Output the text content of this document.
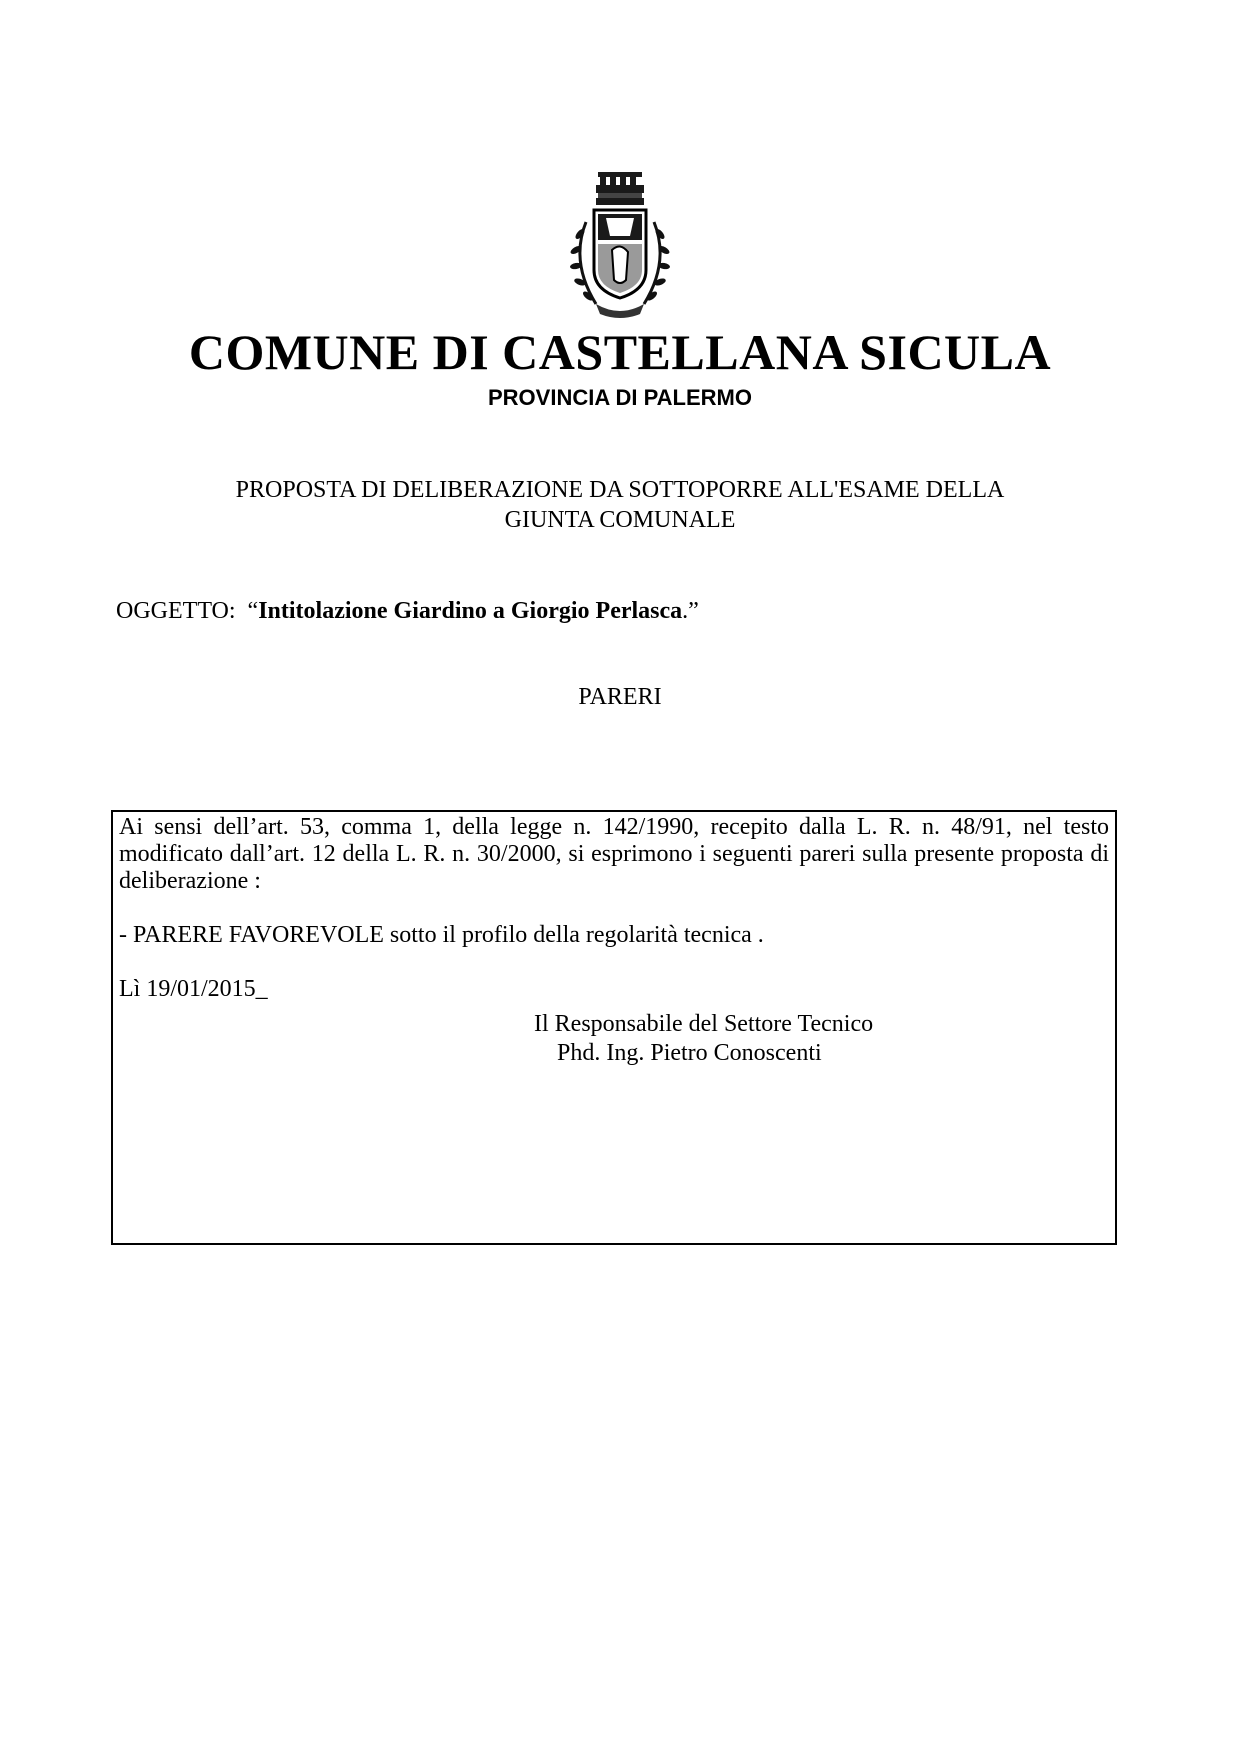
COMUNE DI CASTELLANA SICULA
PROVINCIA DI PALERMO
PROPOSTA DI DELIBERAZIONE DA SOTTOPORRE ALL'ESAME DELLA
GIUNTA COMUNALE
OGGETTO: “Intitolazione Giardino a Giorgio Perlasca.”
PARERI
Ai sensi dell’art. 53, comma 1, della legge n. 142/1990, recepito dalla L. R. n. 48/91, nel testo modificato dall’art. 12 della L. R. n. 30/2000, si esprimono i seguenti pareri sulla presente proposta di deliberazione :
- PARERE FAVOREVOLE sotto il profilo della regolarità tecnica .
Lì 19/01/2015_
Il Responsabile del Settore Tecnico
Phd. Ing. Pietro Conoscenti
